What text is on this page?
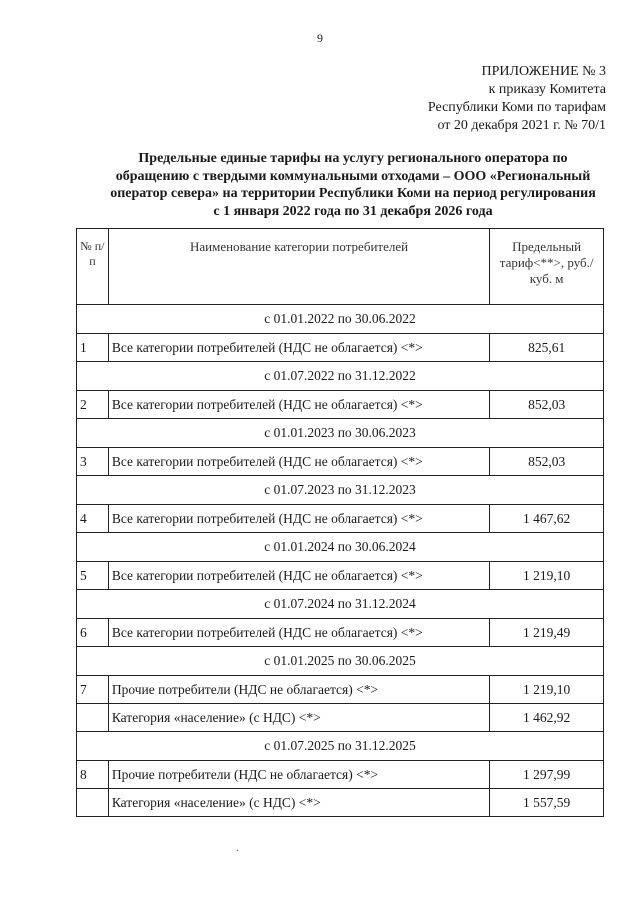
9
ПРИЛОЖЕНИЕ № 3
к приказу Комитета
Республики Коми по тарифам
от 20 декабря 2021 г. № 70/1
Предельные единые тарифы на услугу регионального оператора по
обращению с твердыми коммунальными отходами – ООО «Региональный
оператор севера» на территории Республики Коми на период регулирования
с 1 января 2022 года по 31 декабря 2026 года
№ п/п	Наименование категории потребителей	Предельный тариф<**>, руб./куб. м
с 01.01.2022 по 30.06.2022		
1	Все категории потребителей (НДС не облагается) <*>	825,61
с 01.07.2022 по 31.12.2022		
2	Все категории потребителей (НДС не облагается) <*>	852,03
с 01.01.2023 по 30.06.2023		
3	Все категории потребителей (НДС не облагается) <*>	852,03
с 01.07.2023 по 31.12.2023		
4	Все категории потребителей (НДС не облагается) <*>	1 467,62
с 01.01.2024 по 30.06.2024		
5	Все категории потребителей (НДС не облагается) <*>	1 219,10
с 01.07.2024 по 31.12.2024		
6	Все категории потребителей (НДС не облагается) <*>	1 219,49
с 01.01.2025 по 30.06.2025		
7	Прочие потребители (НДС не облагается) <*>	1 219,10
	Категория «население» (с НДС) <*>	1 462,92
с 01.07.2025 по 31.12.2025		
8	Прочие потребители (НДС не облагается) <*>	1 297,99
	Категория «население» (с НДС) <*>	1 557,59
·
